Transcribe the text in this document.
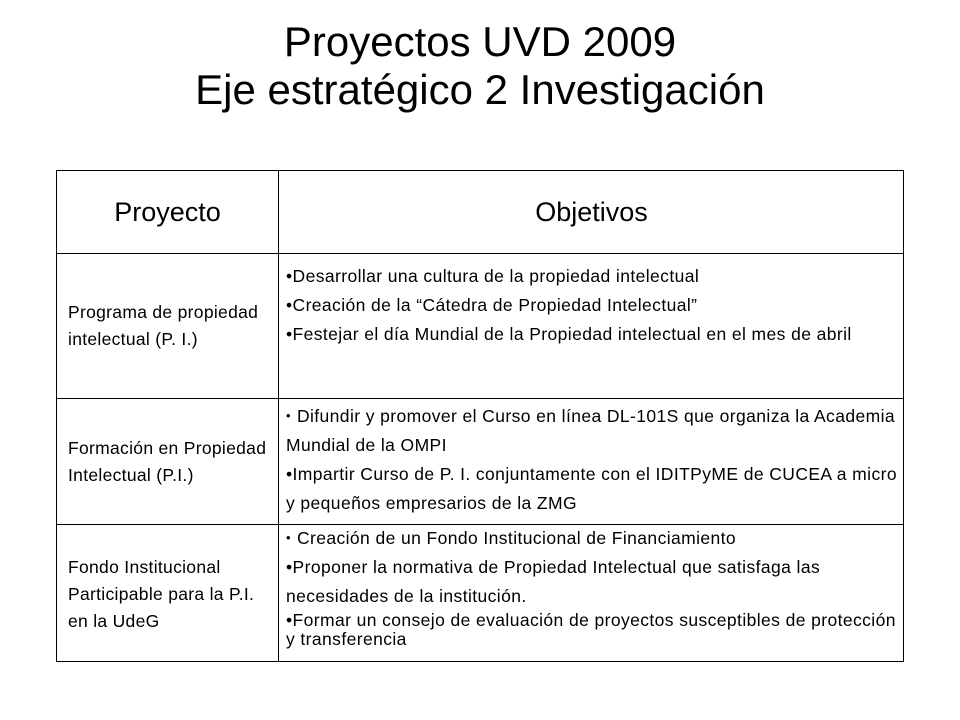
Proyectos UVD 2009
Eje estratégico 2 Investigación
Proyecto	Objetivos
Programa de propiedad intelectual (P. I.)
•Desarrollar una cultura de la propiedad intelectual
•Creación de la “Cátedra de Propiedad Intelectual”
•Festejar el día Mundial de la Propiedad intelectual en el mes de abril
Formación en Propiedad Intelectual (P.I.)
• Difundir y promover el Curso en línea DL-101S que organiza la Academia Mundial de la OMPI
•Impartir Curso de P. I. conjuntamente con el IDITPyME de CUCEA a micro y pequeños empresarios de la ZMG
Fondo Institucional Participable para la P.I. en la UdeG
• Creación de un Fondo Institucional de Financiamiento
•Proponer la normativa de Propiedad Intelectual que satisfaga las necesidades de la institución.
•Formar un consejo de evaluación de proyectos susceptibles de protección y transferencia
